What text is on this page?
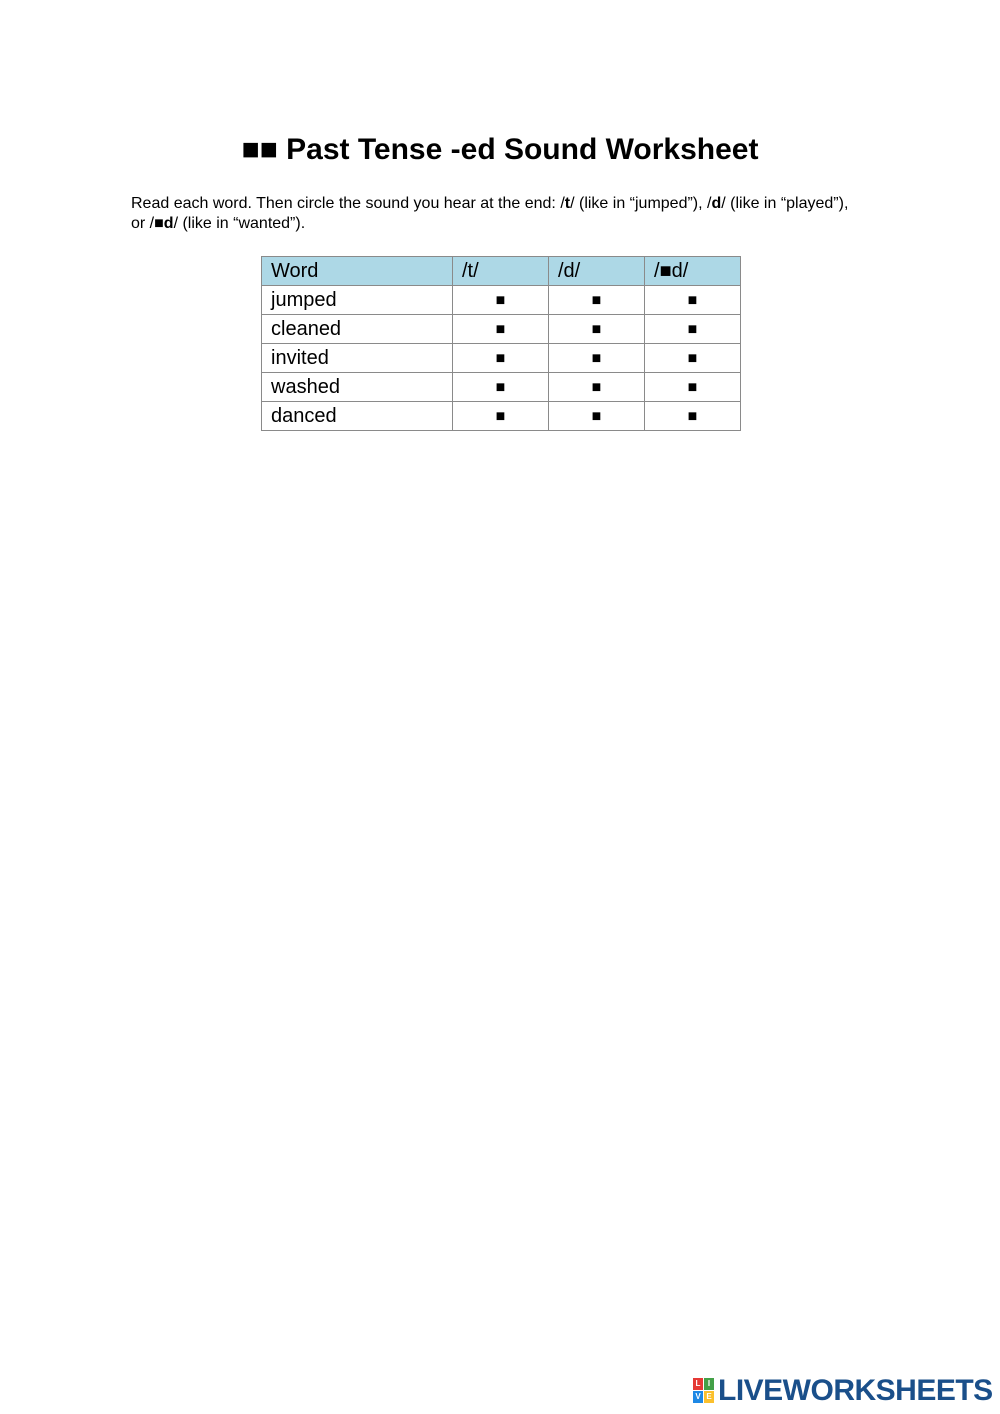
■■ Past Tense -ed Sound Worksheet

Read each word. Then circle the sound you hear at the end: /t/ (like in “jumped”), /d/ (like in “played”), or /■d/ (like in “wanted”).

Word	/t/	/d/	/■d/
jumped	■	■	■
cleaned	■	■	■
invited	■	■	■
washed	■	■	■
danced	■	■	■
L I
V E LIVEWORKSHEETS
